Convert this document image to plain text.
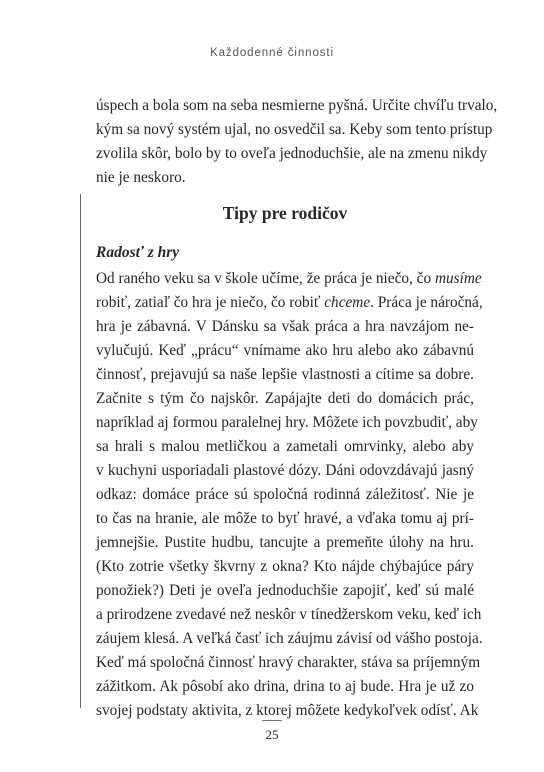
Každodenné činnosti
úspech a bola som na seba nesmierne pyšná. Určite chvíľu trvalo,
kým sa nový systém ujal, no osvedčil sa. Keby som tento prístup
zvolila skôr, bolo by to oveľa jednoduchšie, ale na zmenu nikdy
nie je neskoro.
Tipy pre rodičov
Radosť z hry
Od raného veku sa v škole učíme, že práca je niečo, čo musíme
robiť, zatiaľ čo hra je niečo, čo robiť chceme. Práca je náročná,
hra je zábavná. V Dánsku sa však práca a hra navzájom ne-
vylučujú. Keď „prácu“ vnímame ako hru alebo ako zábavnú
činnosť, prejavujú sa naše lepšie vlastnosti a cítime sa dobre.
Začnite s tým čo najskôr. Zapájajte deti do domácich prác,
napríklad aj formou paralelnej hry. Môžete ich povzbudiť, aby
sa hrali s malou metličkou a zametali omrvinky, alebo aby
v kuchyni usporiadali plastové dózy. Dáni odovzdávajú jasný
odkaz: domáce práce sú spoločná rodinná záležitosť. Nie je
to čas na hranie, ale môže to byť hravé, a vďaka tomu aj prí-
jemnejšie. Pustite hudbu, tancujte a premeňte úlohy na hru.
(Kto zotrie všetky škvrny z okna? Kto nájde chýbajúce páry
ponožiek?) Deti je oveľa jednoduchšie zapojiť, keď sú malé
a prirodzene zvedavé než neskôr v tínedžerskom veku, keď ich
záujem klesá. A veľká časť ich záujmu závisí od vášho postoja.
Keď má spoločná činnosť hravý charakter, stáva sa príjemným
zážitkom. Ak pôsobí ako drina, drina to aj bude. Hra je už zo
svojej podstaty aktivita, z ktorej môžete kedykoľvek odísť. Ak
25
